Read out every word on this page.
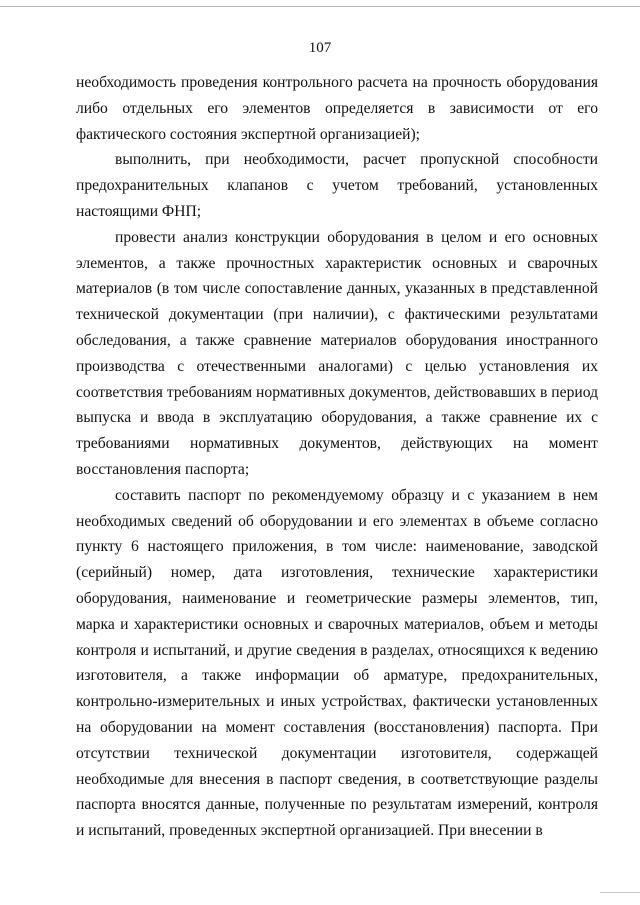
107

необходимость проведения контрольного расчета на прочность оборудования либо отдельных его элементов определяется в зависимости от его фактического состояния экспертной организацией);

выполнить, при необходимости, расчет пропускной способности предохранительных клапанов с учетом требований, установленных настоящими ФНП;

провести анализ конструкции оборудования в целом и его основных элементов, а также прочностных характеристик основных и сварочных материалов (в том числе сопоставление данных, указанных в представленной технической документации (при наличии), с фактическими результатами обследования, а также сравнение материалов оборудования иностранного производства с отечественными аналогами) с целью установления их соответствия требованиям нормативных документов, действовавших в период выпуска и ввода в эксплуатацию оборудования, а также сравнение их с требованиями нормативных документов, действующих на момент восстановления паспорта;

составить паспорт по рекомендуемому образцу и с указанием в нем необходимых сведений об оборудовании и его элементах в объеме согласно пункту 6 настоящего приложения, в том числе: наименование, заводской (серийный) номер, дата изготовления, технические характеристики оборудования, наименование и геометрические размеры элементов, тип, марка и характеристики основных и сварочных материалов, объем и методы контроля и испытаний, и другие сведения в разделах, относящихся к ведению изготовителя, а также информации об арматуре, предохранительных, контрольно-измерительных и иных устройствах, фактически установленных на оборудовании на момент составления (восстановления) паспорта. При отсутствии технической документации изготовителя, содержащей необходимые для внесения в паспорт сведения, в соответствующие разделы паспорта вносятся данные, полученные по результатам измерений, контроля и испытаний, проведенных экспертной организацией. При внесении в
